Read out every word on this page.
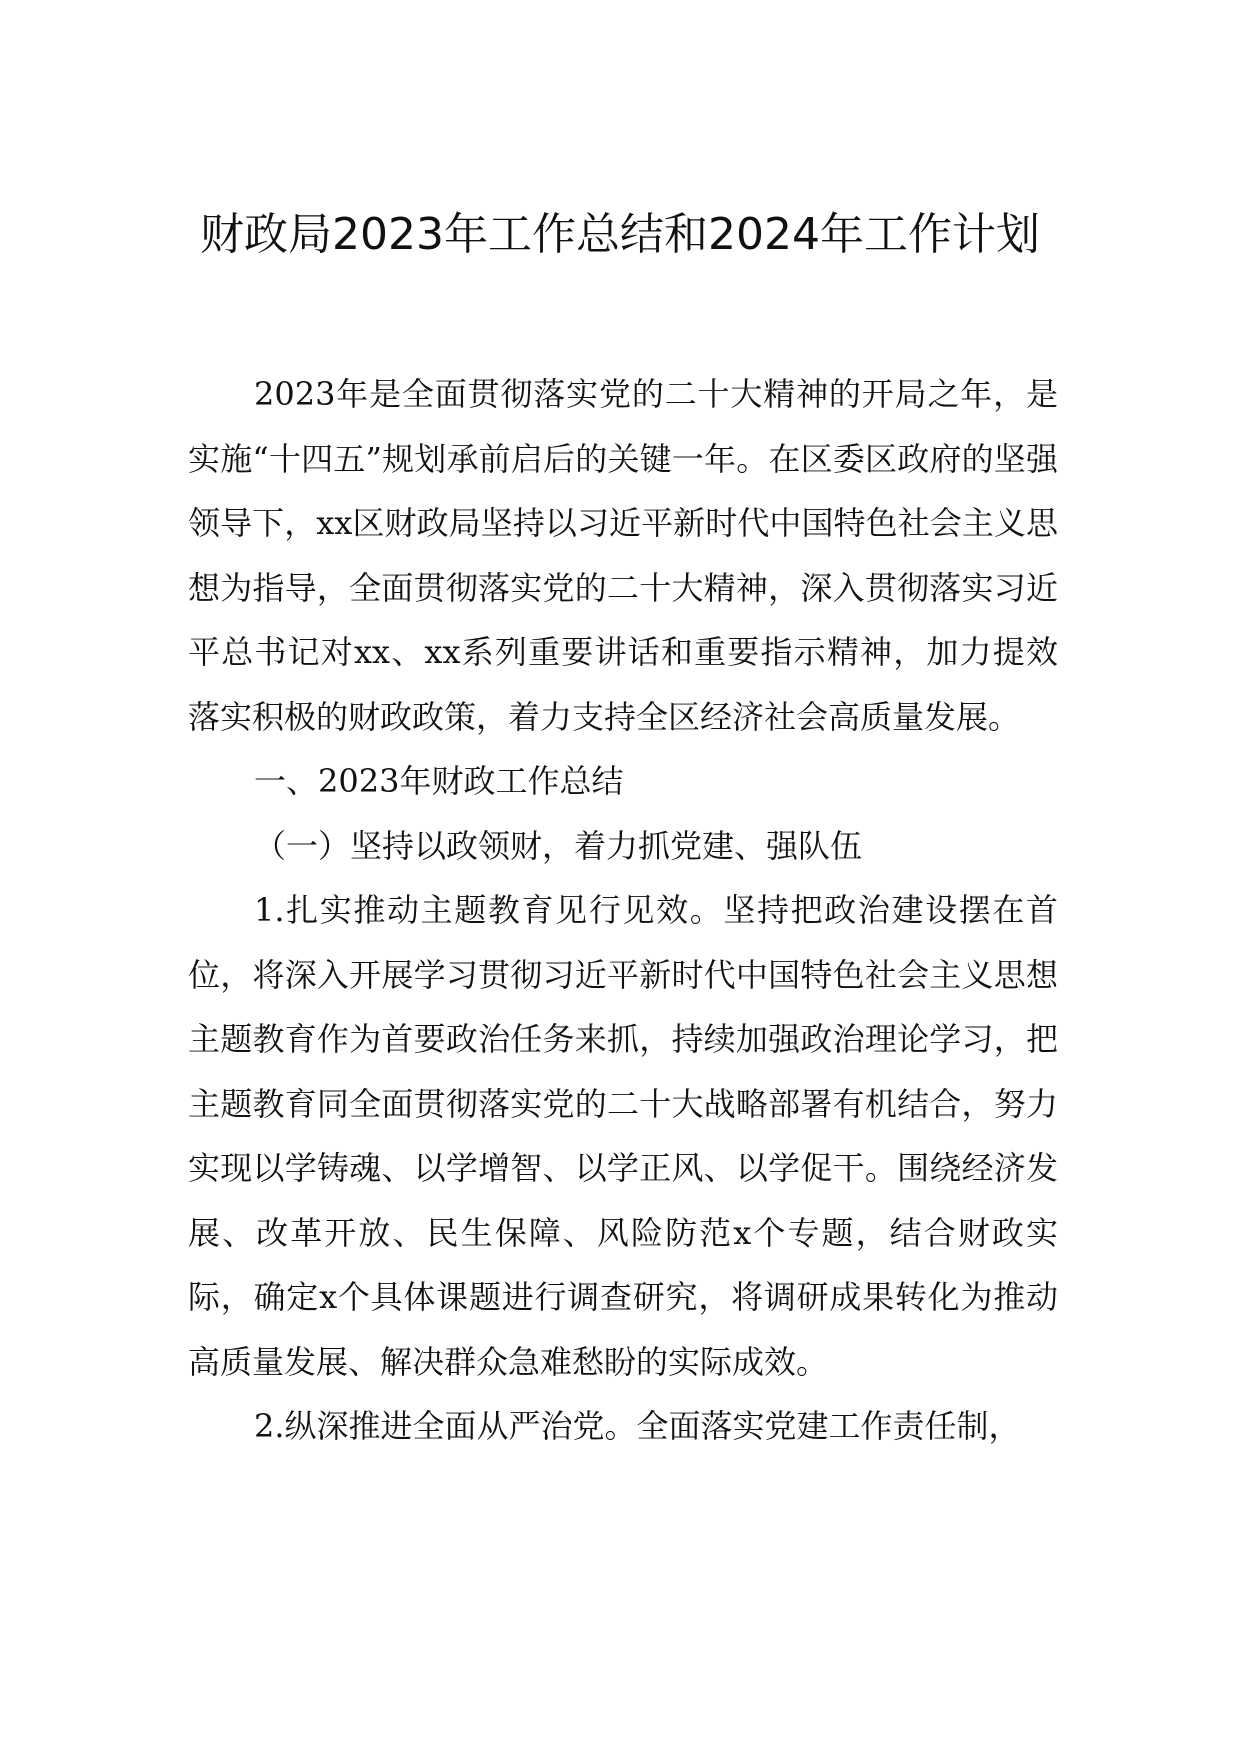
财政局2023年工作总结和2024年工作计划

2023年是全面贯彻落实党的二十大精神的开局之年，是实施“十四五”规划承前启后的关键一年。在区委区政府的坚强领导下，xx区财政局坚持以习近平新时代中国特色社会主义思想为指导，全面贯彻落实党的二十大精神，深入贯彻落实习近平总书记对xx、xx系列重要讲话和重要指示精神，加力提效落实积极的财政政策，着力支持全区经济社会高质量发展。

一、2023年财政工作总结

（一）坚持以政领财，着力抓党建、强队伍

1.扎实推动主题教育见行见效。坚持把政治建设摆在首位，将深入开展学习贯彻习近平新时代中国特色社会主义思想主题教育作为首要政治任务来抓，持续加强政治理论学习，把主题教育同全面贯彻落实党的二十大战略部署有机结合，努力实现以学铸魂、以学增智、以学正风、以学促干。围绕经济发展、改革开放、民生保障、风险防范x个专题，结合财政实际，确定x个具体课题进行调查研究，将调研成果转化为推动高质量发展、解决群众急难愁盼的实际成效。

2.纵深推进全面从严治党。全面落实党建工作责任制，
